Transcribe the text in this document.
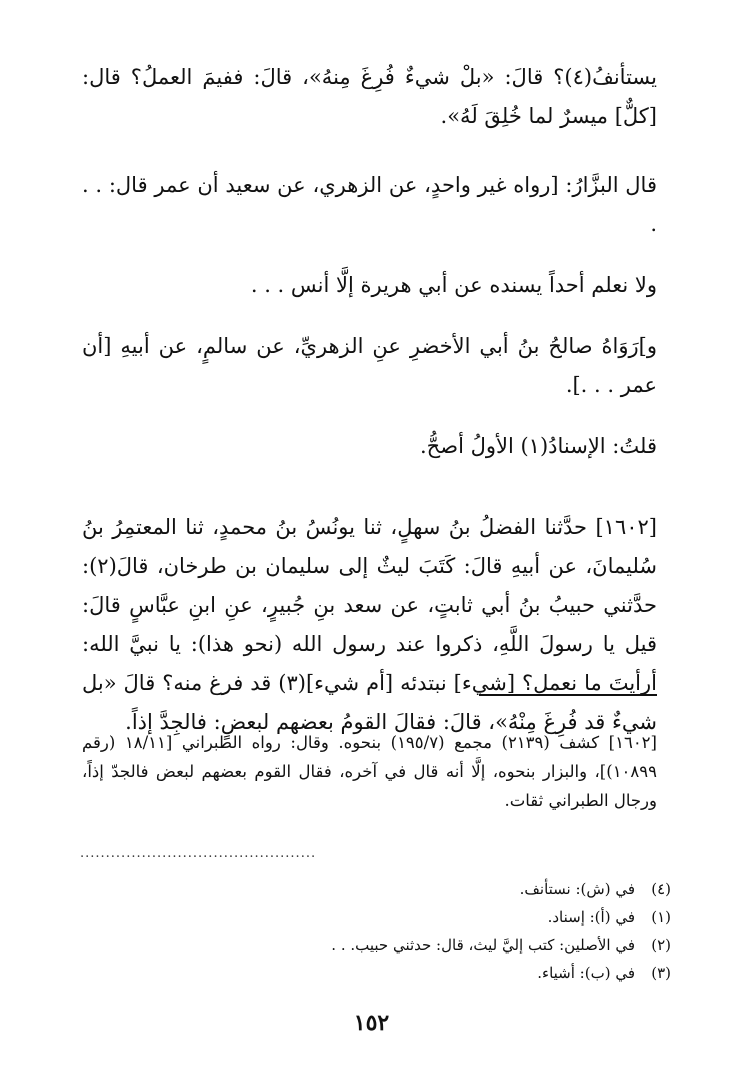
يستأنفُ(٤)؟ قالَ: «بلْ شيءٌ فُرِغَ مِنهُ»، قالَ: ففيمَ العملُ؟ قال: [كلٌّ] ميسرٌ لما خُلِقَ لَهُ».

قال البزَّارُ: [رواه غير واحدٍ، عن الزهري، عن سعيد أن عمر قال: . . .

ولا نعلم أحداً يسنده عن أبي هريرة إلَّا أنس . . .

و]رَوَاهُ صالحُ بنُ أبي الأخضرِ عنِ الزهريِّ، عن سالمٍ، عن أبيهِ [أن عمر . . .].

قلتُ: الإسنادُ(١) الأولُ أصحُّ.

[١٦٠٢] حدَّثنا الفضلُ بنُ سهلٍ، ثنا يونُسُ بنُ محمدٍ، ثنا المعتمِرُ بنُ سُليمانَ، عن أبيهِ قالَ: كَتَبَ ليثٌ إلى سليمان بن طرخان، قالَ(٢): حدَّثني حبيبُ بنُ أبي ثابتٍ، عن سعد بنِ جُبيرٍ، عنِ ابنِ عبَّاسٍ قالَ: قيل يا رسولَ اللَّهِ، ذكروا عند رسول الله (نحو هذا): يا نبيَّ الله: أرأيتَ ما نعمل؟ [شيء] نبتدئه [أم شيء](٣) قد فرغ منه؟ قالَ «بل شيءٌ قد فُرِغَ مِنْهُ»، قالَ: فقالَ القومُ بعضهم لبعضٍ: فالجِدَّ إذاً.

[١٦٠٢] كشف (٢١٣٩) مجمع (١٩٥/٧) بنحوه. وقال: رواه الطبراني [١٨/١١ (رقم ١٠٨٩٩)]، والبزار بنحوه، إلَّا أنه قال في آخره، فقال القوم بعضهم لبعض فالجدّ إذاً، ورجال الطبراني ثقات.

..............................................
(٤)في (ش): نستأنف.
(١)في (أ): إسناد.
(٢)في الأصلين: كتب إليَّ ليث، قال: حدثني حبيب. . .
(٣)في (ب): أشياء.
١٥٢
